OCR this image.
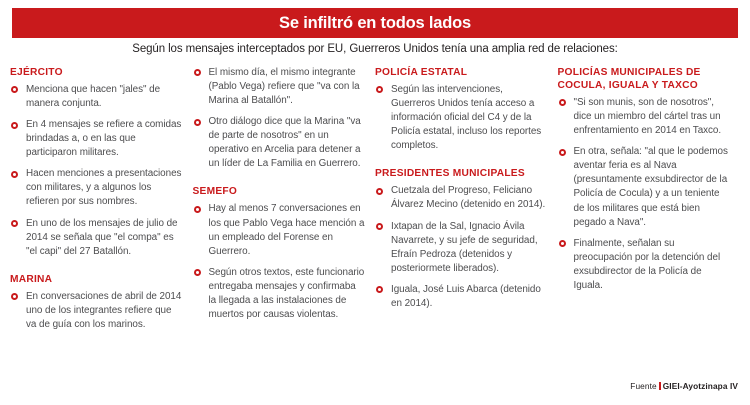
Se infiltró en todos lados
Según los mensajes interceptados por EU, Guerreros Unidos tenía una amplia red de relaciones:
EJÉRCITO
Menciona que hacen "jales" de manera conjunta.
En 4 mensajes se refiere a comidas brindadas a, o en las que participaron militares.
Hacen menciones a presentaciones con militares, y a algunos los refieren por sus nombres.
En uno de los mensajes de julio de 2014 se señala que "el compa" es "el capi" del 27 Batallón.
MARINA
En conversaciones de abril de 2014 uno de los integrantes refiere que va de guía con los marinos.
El mismo día, el mismo integrante (Pablo Vega) refiere que "va con la Marina al Batallón".
Otro diálogo dice que la Marina "va de parte de nosotros" en un operativo en Arcelia para detener a un líder de La Familia en Guerrero.
SEMEFO
Hay al menos 7 conversaciones en los que Pablo Vega hace mención a un empleado del Forense en Guerrero.
Según otros textos, este funcionario entregaba mensajes y confirmaba la llegada a las instalaciones de muertos por causas violentas.
POLICÍA ESTATAL
Según las intervenciones, Guerreros Unidos tenía acceso a información oficial del C4 y de la Policía estatal, incluso los reportes completos.
PRESIDENTES MUNICIPALES
Cuetzala del Progreso, Feliciano Álvarez Mecino (detenido en 2014).
Ixtapan de la Sal, Ignacio Ávila Navarrete, y su jefe de seguridad, Efraín Pedroza (detenidos y posteriormete liberados).
Iguala, José Luis Abarca (detenido en 2014).
POLICÍAS MUNICIPALES DE COCULA, IGUALA Y TAXCO
"Si son munis, son de nosotros", dice un miembro del cártel tras un enfrentamiento en 2014 en Taxco.
En otra, señala: "al que le podemos aventar feria es al Nava (presuntamente exsubdirector de la Policía de Cocula) y a un teniente de los militares que está bien pegado a Nava".
Finalmente, señalan su preocupación por la detención del exsubdirector de la Policía de Iguala.
Fuente GIEI-Ayotzinapa IV
